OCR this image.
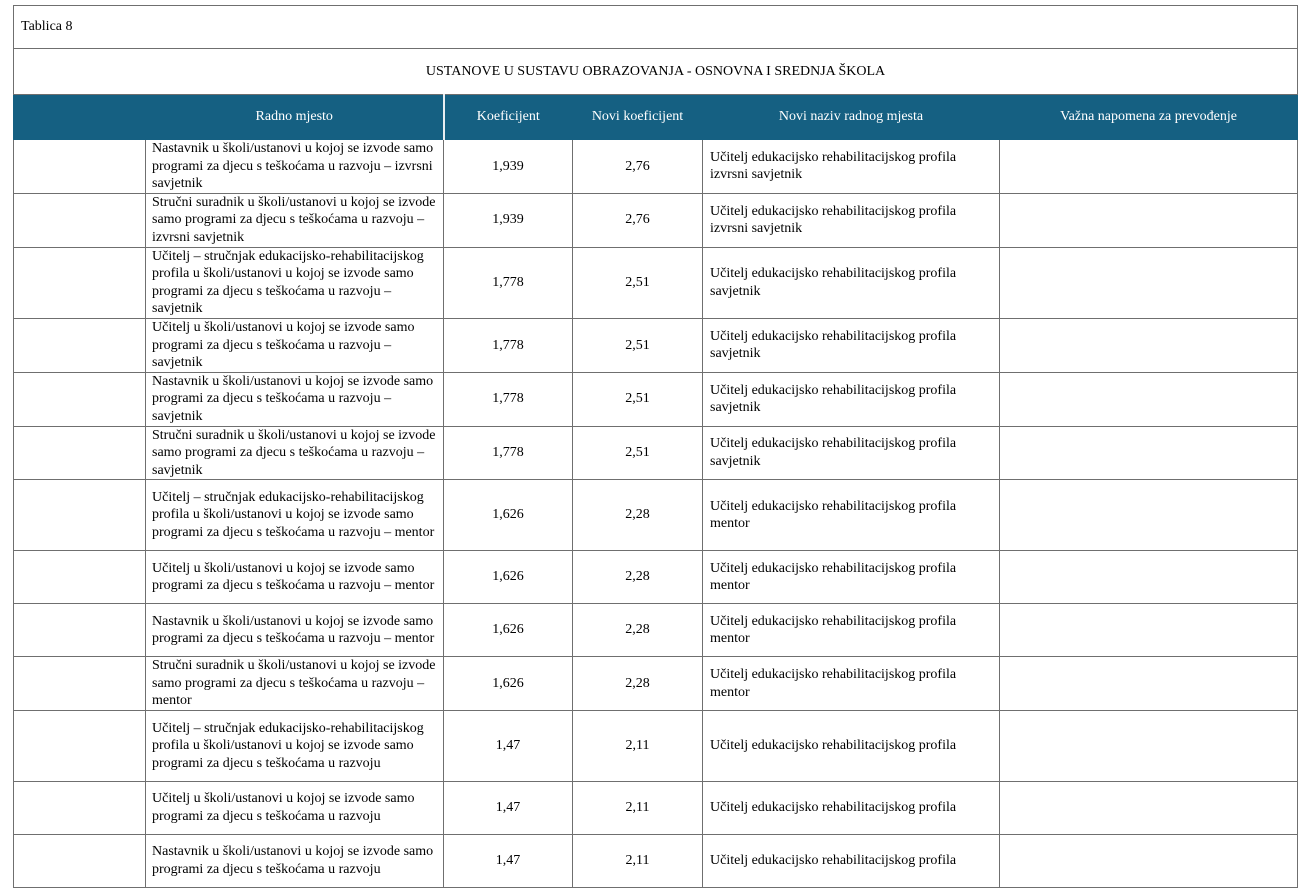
Tablica 8					
USTANOVE U SUSTAVU OBRAZOVANJA - OSNOVNA I SREDNJA ŠKOLA					
	Radno mjesto	Koeficijent	Novi koeficijent	Novi naziv radnog mjesta	Važna napomena za prevođenje
	Nastavnik u školi/ustanovi u kojoj se izvode samo programi za djecu s teškoćama u razvoju – izvrsni savjetnik	1,939	2,76	Učitelj edukacijsko rehabilitacijskog profila izvrsni savjetnik	
	Stručni suradnik u školi/ustanovi u kojoj se izvode samo programi za djecu s teškoćama u razvoju – izvrsni savjetnik	1,939	2,76	Učitelj edukacijsko rehabilitacijskog profila izvrsni savjetnik	
	Učitelj – stručnjak edukacijsko-rehabilitacijskog profila u školi/ustanovi u kojoj se izvode samo programi za djecu s teškoćama u razvoju – savjetnik	1,778	2,51	Učitelj edukacijsko rehabilitacijskog profila savjetnik	
	Učitelj u školi/ustanovi u kojoj se izvode samo programi za djecu s teškoćama u razvoju – savjetnik	1,778	2,51	Učitelj edukacijsko rehabilitacijskog profila savjetnik	
	Nastavnik u školi/ustanovi u kojoj se izvode samo programi za djecu s teškoćama u razvoju – savjetnik	1,778	2,51	Učitelj edukacijsko rehabilitacijskog profila savjetnik	
	Stručni suradnik u školi/ustanovi u kojoj se izvode samo programi za djecu s teškoćama u razvoju – savjetnik	1,778	2,51	Učitelj edukacijsko rehabilitacijskog profila savjetnik	
	Učitelj – stručnjak edukacijsko-rehabilitacijskog profila u školi/ustanovi u kojoj se izvode samo programi za djecu s teškoćama u razvoju – mentor	1,626	2,28	Učitelj edukacijsko rehabilitacijskog profila mentor	
	Učitelj u školi/ustanovi u kojoj se izvode samo programi za djecu s teškoćama u razvoju – mentor	1,626	2,28	Učitelj edukacijsko rehabilitacijskog profila mentor	
	Nastavnik u školi/ustanovi u kojoj se izvode samo programi za djecu s teškoćama u razvoju – mentor	1,626	2,28	Učitelj edukacijsko rehabilitacijskog profila mentor	
	Stručni suradnik u školi/ustanovi u kojoj se izvode samo programi za djecu s teškoćama u razvoju – mentor	1,626	2,28	Učitelj edukacijsko rehabilitacijskog profila mentor	
	Učitelj – stručnjak edukacijsko-rehabilitacijskog profila u školi/ustanovi u kojoj se izvode samo programi za djecu s teškoćama u razvoju	1,47	2,11	Učitelj edukacijsko rehabilitacijskog profila	
	Učitelj u školi/ustanovi u kojoj se izvode samo programi za djecu s teškoćama u razvoju	1,47	2,11	Učitelj edukacijsko rehabilitacijskog profila	
	Nastavnik u školi/ustanovi u kojoj se izvode samo programi za djecu s teškoćama u razvoju	1,47	2,11	Učitelj edukacijsko rehabilitacijskog profila	
